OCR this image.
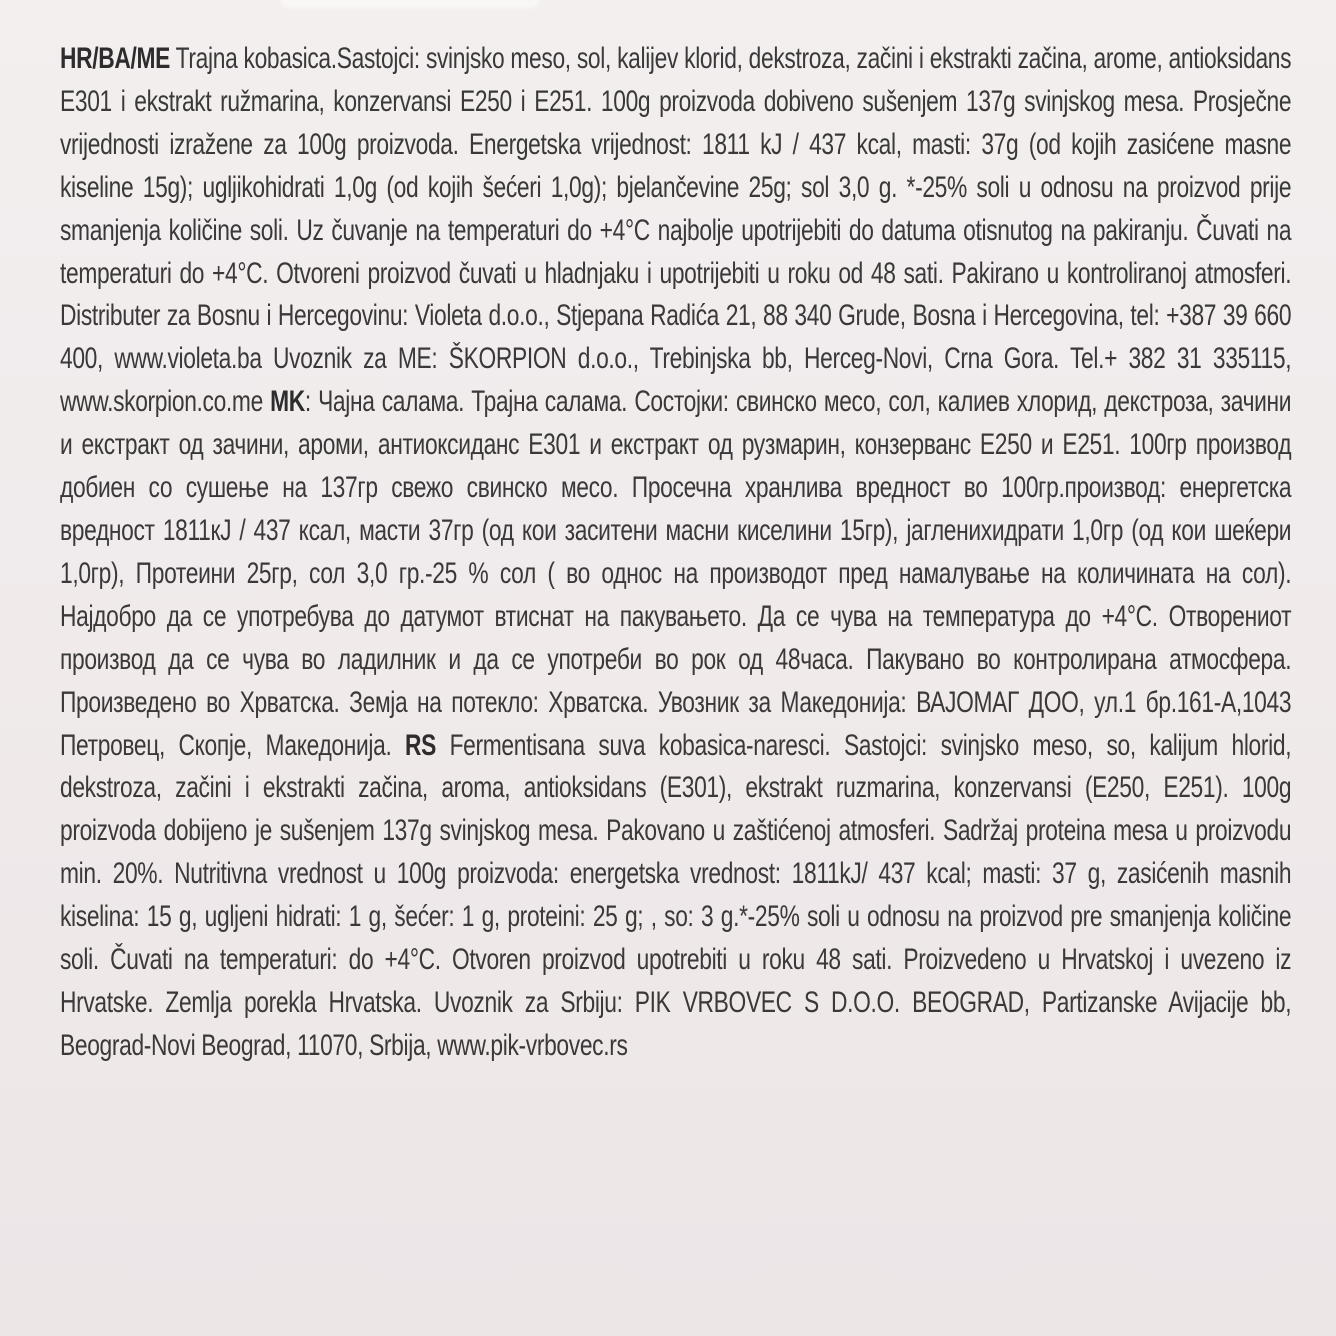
HR/BA/ME Trajna kobasica.Sastojci: svinjsko meso, sol, kalijev klorid, dekstroza, začini i ekstrakti začina, arome, antioksidans E301 i ekstrakt ružmarina, konzervansi E250 i E251. 100g proizvoda dobiveno sušenjem 137g svinjskog mesa. Prosječne vrijednosti izražene za 100g proizvoda. Energetska vrijednost: 1811 kJ / 437 kcal, masti: 37g (od kojih zasićene masne kiseline 15g); ugljikohidrati 1,0g (od kojih šećeri 1,0g); bjelančevine 25g; sol 3,0 g. *-25% soli u odnosu na proizvod prije smanjenja količine soli. Uz čuvanje na temperaturi do +4°C najbolje upotrijebiti do datuma otisnutog na pakiranju. Čuvati na temperaturi do +4°C. Otvoreni proizvod čuvati u hladnjaku i upotrijebiti u roku od 48 sati. Pakirano u kontroliranoj atmosferi. Distributer za Bosnu i Hercegovinu: Violeta d.o.o., Stjepana Radića 21, 88 340 Grude, Bosna i Hercegovina, tel: +387 39 660 400, www.violeta.ba Uvoznik za ME: ŠKORPION d.o.o., Trebinjska bb, Herceg-Novi, Crna Gora. Tel.+ 382 31 335115, www.skorpion.co.me MK: Чајна салама. Трајна салама. Состојки: свинско месо, сол, калиев хлорид, декстроза, зачини и екстракт од зачини, ароми, антиоксиданс Е301 и екстракт од рузмарин, конзерванс Е250 и Е251. 100гр производ добиен со сушење на 137гр свежо свинско месо. Просечна хранлива вредност во 100гр.производ: енергетска вредност 1811кЈ / 437 ксал, масти 37гр (од кои заситени масни киселини 15гр), јагленихидрати 1,0гр (од кои шеќери 1,0гр), Протеини 25гр, сол 3,0 гр.-25 % сол ( во однос на производот пред намалување на количината на сол). Најдобро да се употребува до датумот втиснат на пакувањето. Да се чува на температура до +4°С. Отворениот производ да се чува во ладилник и да се употреби во рок од 48часа. Пакувано во контролирана атмосфера. Произведено во Хрватска. Земја на потекло: Хрватска. Увозник за Македонија: ВАЈОМАГ ДОО, ул.1 бр.161-А,1043 Петровец, Скопје, Македонија. RS Fermentisana suva kobasica-naresci. Sastojci: svinjsko meso, so, kalijum hlorid, dekstroza, začini i ekstrakti začina, aroma, antioksidans (E301), ekstrakt ruzmarina, konzervansi (E250, E251). 100g proizvoda dobijeno je sušenjem 137g svinjskog mesa. Pakovano u zaštićenoj atmosferi. Sadržaj proteina mesa u proizvodu min. 20%. Nutritivna vrednost u 100g proizvoda: energetska vrednost: 1811kJ/ 437 kcal; masti: 37 g, zasićenih masnih kiselina: 15 g, ugljeni hidrati: 1 g, šećer: 1 g, proteini: 25 g; , so: 3 g.*-25% soli u odnosu na proizvod pre smanjenja količine soli. Čuvati na temperaturi: do +4°C. Otvoren proizvod upotrebiti u roku 48 sati. Proizvedeno u Hrvatskoj i uvezeno iz Hrvatske. Zemlja porekla Hrvatska. Uvoznik za Srbiju: PIK VRBOVEC S D.O.O. BEOGRAD, Partizanske Avijacije bb, Beograd-Novi Beograd, 11070, Srbija, www.pik-vrbovec.rs
